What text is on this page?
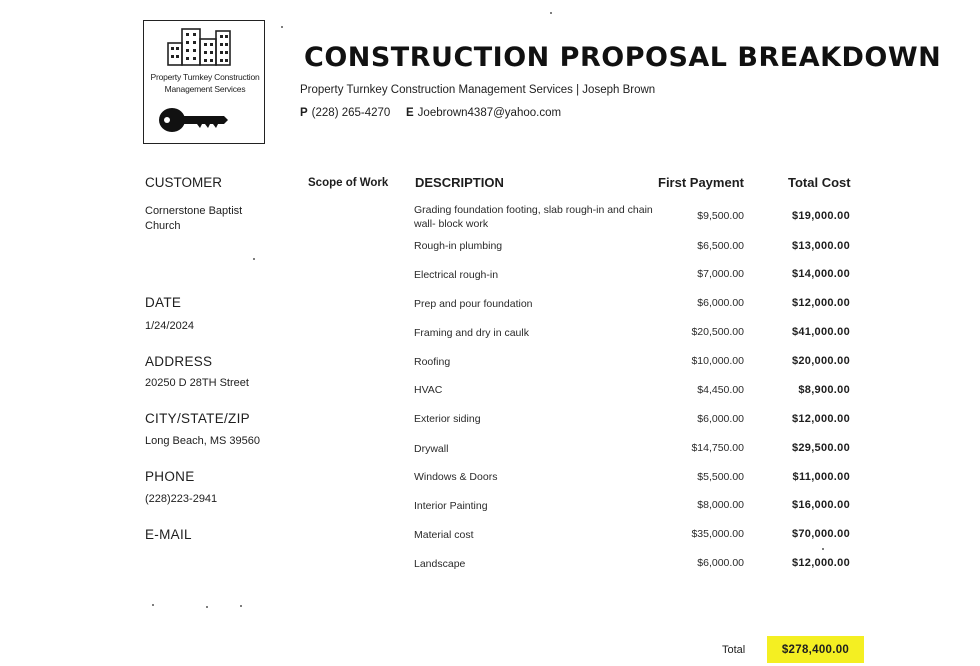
Property Turnkey Construction
Management Services
CONSTRUCTION PROPOSAL BREAKDOWN
Property Turnkey Construction Management Services | Joseph Brown
P (228) 265-4270 E Joebrown4387@yahoo.com
CUSTOMER	Scope of Work DESCRIPTION	First Payment	Total Cost
Cornerstone Baptist Church
DATE
1/24/2024
ADDRESS
20250 D 28TH Street
CITY/STATE/ZIP
Long Beach, MS 39560
PHONE
(228)223-2941
E-MAIL
Grading foundation footing, slab rough-in and chain wall- block work
$9,500.00	$19,000.00
Rough-in plumbing	$6,500.00	$13,000.00
Electrical rough-in	$7,000.00	$14,000.00
Prep and pour foundation	$6,000.00	$12,000.00
Framing and dry in caulk	$20,500.00	$41,000.00
Roofing	$10,000.00	$20,000.00
HVAC	$4,450.00	$8,900.00
Exterior siding	$6,000.00	$12,000.00
Drywall	$14,750.00	$29,500.00
Windows & Doors	$5,500.00	$11,000.00
Interior Painting	$8,000.00	$16,000.00
Material cost	$35,000.00	$70,000.00
Landscape	$6,000.00	$12,000.00
Total	$278,400.00
